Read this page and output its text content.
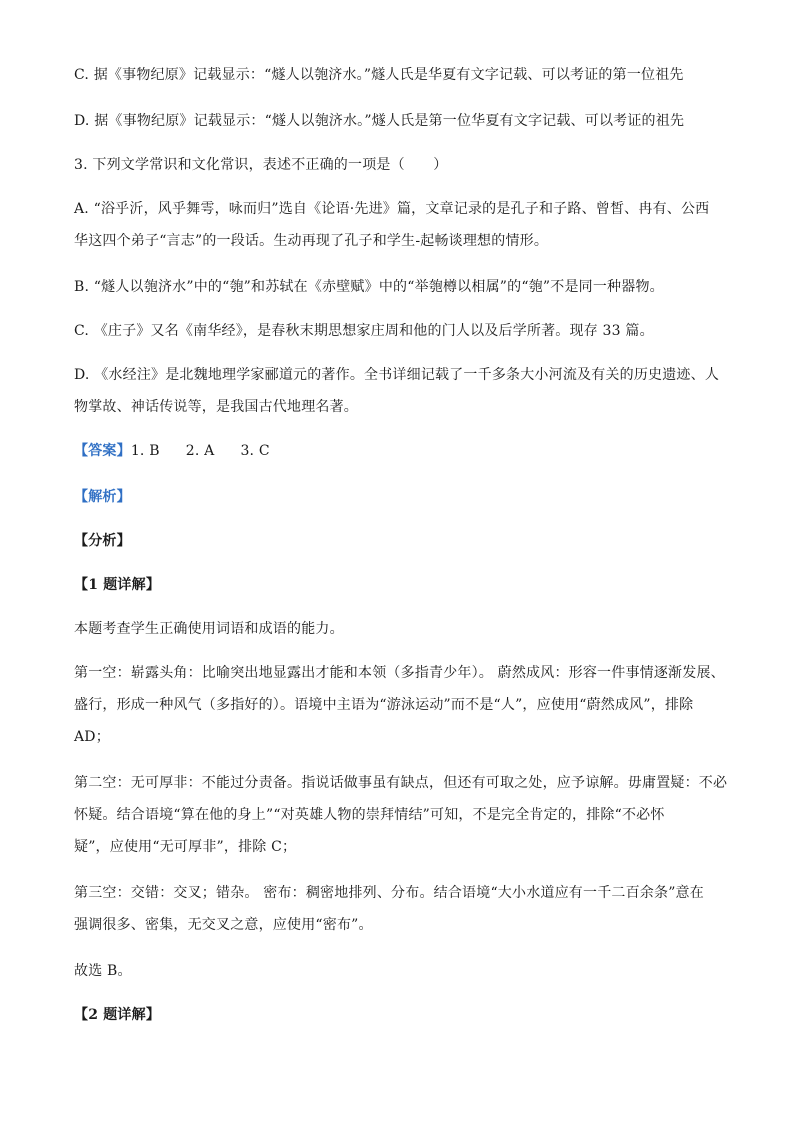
C. 据《事物纪原》记载显示：“燧人以匏济水。”燧人氏是华夏有文字记载、可以考证的第一位祖先
D. 据《事物纪原》记载显示：“燧人以匏济水。”燧人氏是第一位华夏有文字记载、可以考证的祖先
3. 下列文学常识和文化常识，表述不正确的一项是（　　）
A. “浴乎沂，风乎舞雩，咏而归”选自《论语·先进》篇，文章记录的是孔子和子路、曾皙、冉有、公西
华这四个弟子“言志”的一段话。生动再现了孔子和学生-起畅谈理想的情形。
B. “燧人以匏济水”中的“匏”和苏轼在《赤壁赋》中的“举匏樽以相属”的“匏”不是同一种器物。
C. 《庄子》又名《南华经》，是春秋末期思想家庄周和他的门人以及后学所著。现存 33 篇。
D. 《水经注》是北魏地理学家郦道元的著作。全书详细记载了一千多条大小河流及有关的历史遗迹、人
物掌故、神话传说等，是我国古代地理名著。
【答案】1. B 2. A 3. C
【解析】
【分析】
【1 题详解】
本题考查学生正确使用词语和成语的能力。
第一空：崭露头角：比喻突出地显露出才能和本领（多指青少年）。 蔚然成风：形容一件事情逐渐发展、
盛行，形成一种风气（多指好的）。语境中主语为“游泳运动”而不是“人”，应使用“蔚然成风”，排除
AD；
第二空：无可厚非：不能过分责备。指说话做事虽有缺点，但还有可取之处，应予谅解。毋庸置疑：不必
怀疑。结合语境“算在他的身上”“对英雄人物的崇拜情结”可知，不是完全肯定的，排除“不必怀
疑”，应使用“无可厚非”，排除 C；
第三空：交错：交叉；错杂。 密布：稠密地排列、分布。结合语境“大小水道应有一千二百余条”意在
强调很多、密集，无交叉之意，应使用“密布”。
故选 B。
【2 题详解】
